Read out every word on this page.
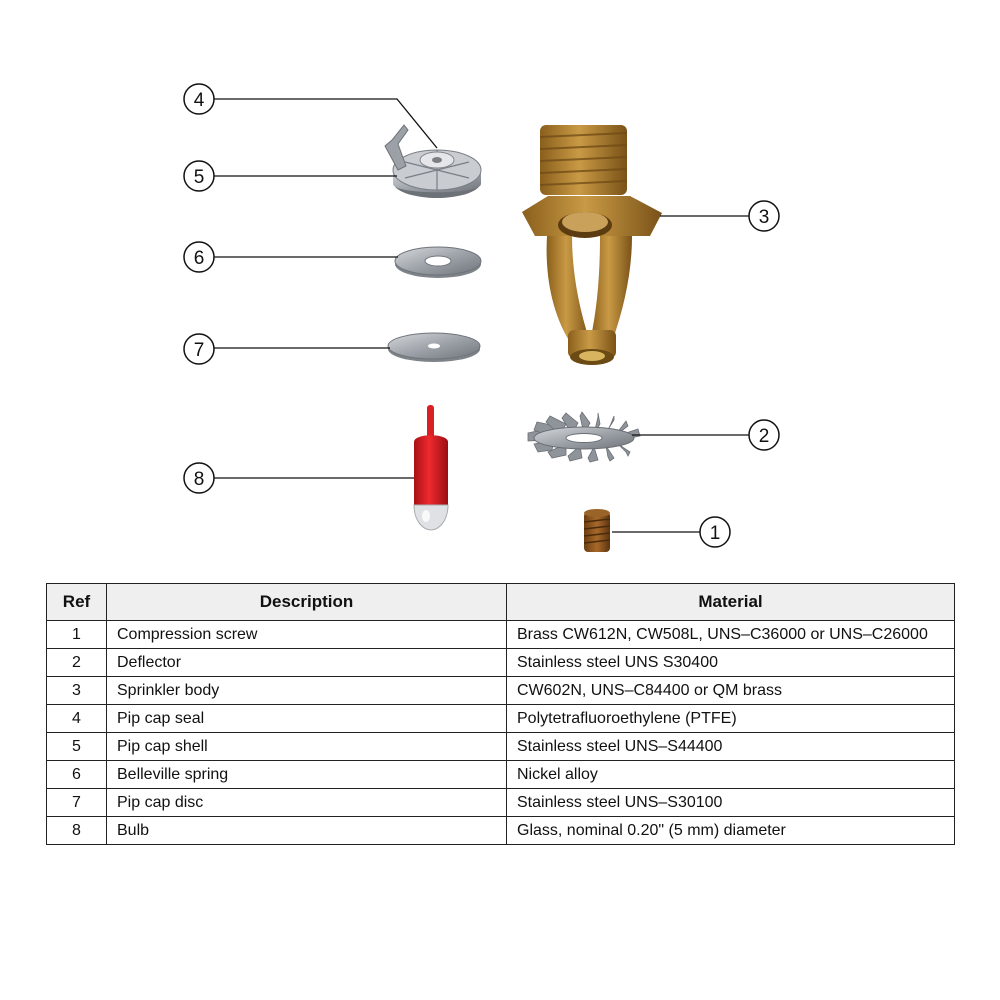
4
5
6
7
8
3
2
1
Ref	Description	Material
1	Compression screw	Brass CW612N, CW508L, UNS–C36000 or UNS–C26000
2	Deflector	Stainless steel UNS S30400
3	Sprinkler body	CW602N, UNS–C84400 or QM brass
4	Pip cap seal	Polytetrafluoroethylene (PTFE)
5	Pip cap shell	Stainless steel UNS–S44400
6	Belleville spring	Nickel alloy
7	Pip cap disc	Stainless steel UNS–S30100
8	Bulb	Glass, nominal 0.20" (5 mm) diameter
